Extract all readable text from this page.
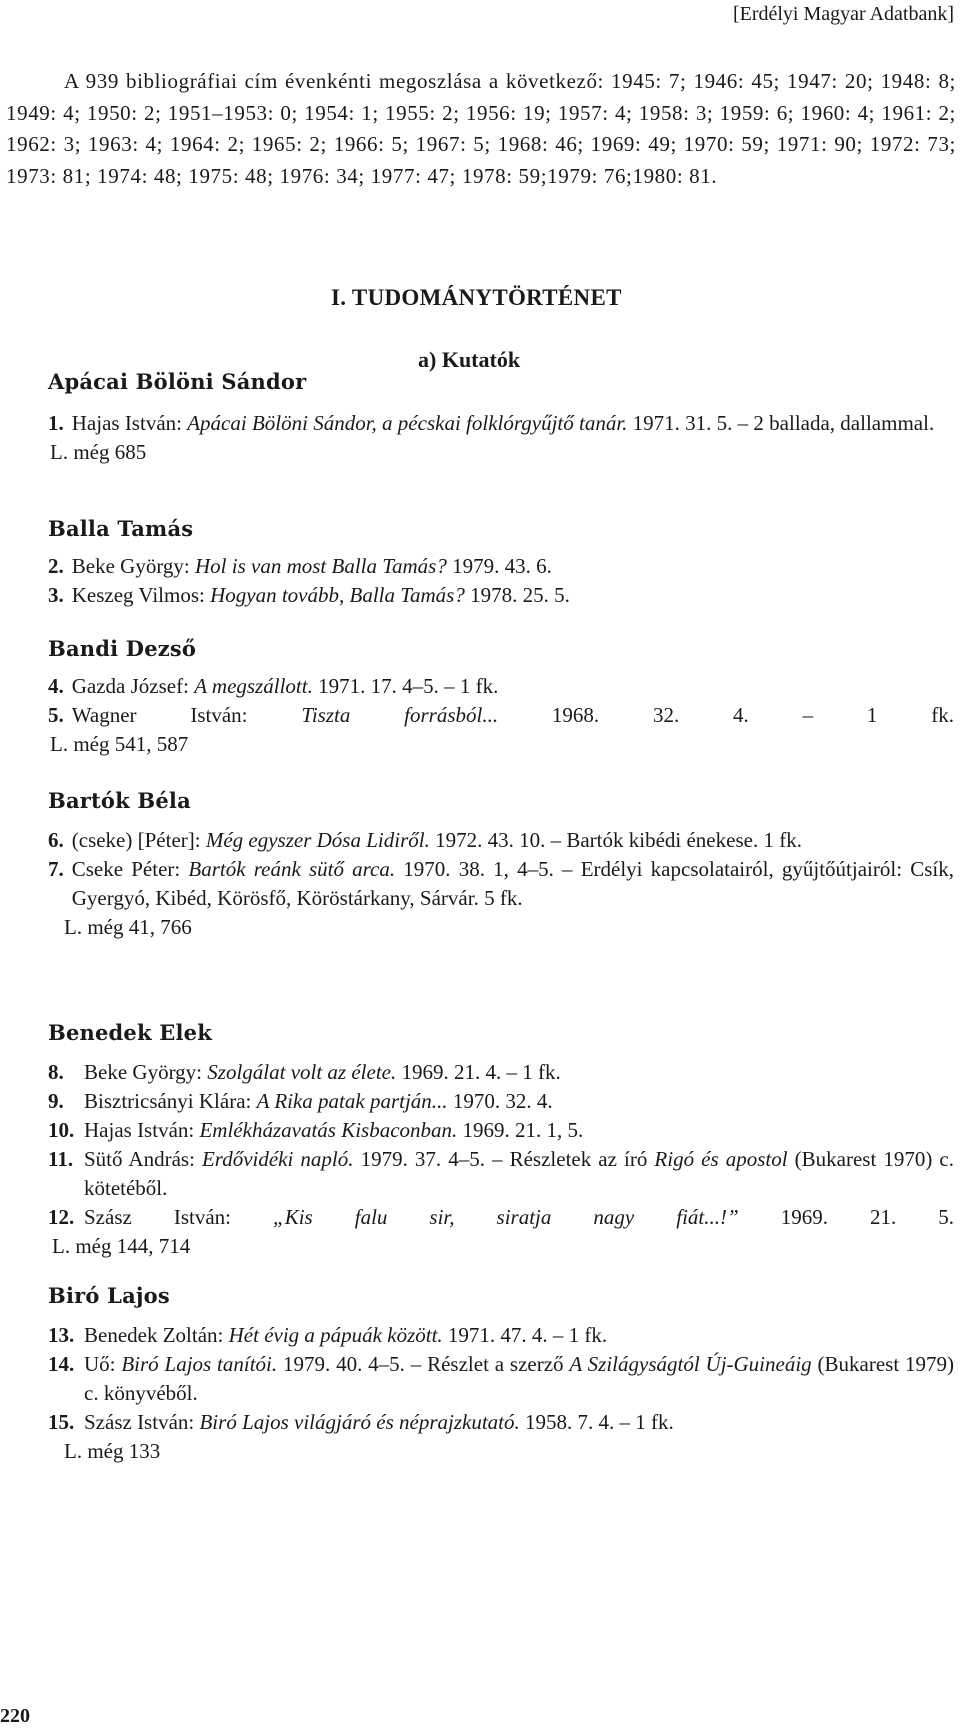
[Erdélyi Magyar Adatbank]

A 939 bibliográfiai cím évenkénti megoszlása a következő: 1945: 7; 1946: 45; 1947: 20; 1948: 8; 1949: 4; 1950: 2; 1951–1953: 0; 1954: 1; 1955: 2; 1956: 19; 1957: 4; 1958: 3; 1959: 6; 1960: 4; 1961: 2; 1962: 3; 1963: 4; 1964: 2; 1965: 2; 1966: 5; 1967: 5; 1968: 46; 1969: 49; 1970: 59; 1971: 90; 1972: 73; 1973: 81; 1974: 48; 1975: 48; 1976: 34; 1977: 47; 1978: 59;1979: 76;1980: 81.

I. TUDOMÁNYTÖRTÉNET
a) Kutatók
Apácai Bölöni Sándor
1. Hajas István: Apácai Bölöni Sándor, a pécskai folklórgyűjtő tanár. 1971. 31. 5. – 2 ballada, dallammal.
L. még 685
Balla Tamás
2. Beke György: Hol is van most Balla Tamás? 1979. 43. 6.
3. Keszeg Vilmos: Hogyan tovább, Balla Tamás? 1978. 25. 5.
Bandi Dezső
4. Gazda József: A megszállott. 1971. 17. 4–5. – 1 fk.
5. Wagner István: Tiszta forrásból... 1968. 32. 4. – 1 fk.
L. még 541, 587
Bartók Béla
6. (cseke) [Péter]: Még egyszer Dósa Lidiről. 1972. 43. 10. – Bartók kibédi énekese. 1 fk.
7. Cseke Péter: Bartók reánk sütő arca. 1970. 38. 1, 4–5. – Erdélyi kapcsolatairól, gyűjtőútjairól: Csík, Gyergyó, Kibéd, Körösfő, Köröstárkany, Sárvár. 5 fk.
L. még 41, 766
Benedek Elek
8. Beke György: Szolgálat volt az élete. 1969. 21. 4. – 1 fk.
9. Bisztricsányi Klára: A Rika patak partján... 1970. 32. 4.
10. Hajas István: Emlékházavatás Kisbaconban. 1969. 21. 1, 5.
11. Sütő András: Erdővidéki napló. 1979. 37. 4–5. – Részletek az író Rigó és apostol (Bukarest 1970) c. kötetéből.
12. Szász István: „Kis falu sir, siratja nagy fiát...!” 1969. 21. 5.
L. még 144, 714
Biró Lajos
13. Benedek Zoltán: Hét évig a pápuák között. 1971. 47. 4. – 1 fk.
14. Uő: Biró Lajos tanítói. 1979. 40. 4–5. – Részlet a szerző A Szilágyságtól Új-Guineáig (Bukarest 1979) c. könyvéből.
15. Szász István: Biró Lajos világjáró és néprajzkutató. 1958. 7. 4. – 1 fk.
L. még 133
220
